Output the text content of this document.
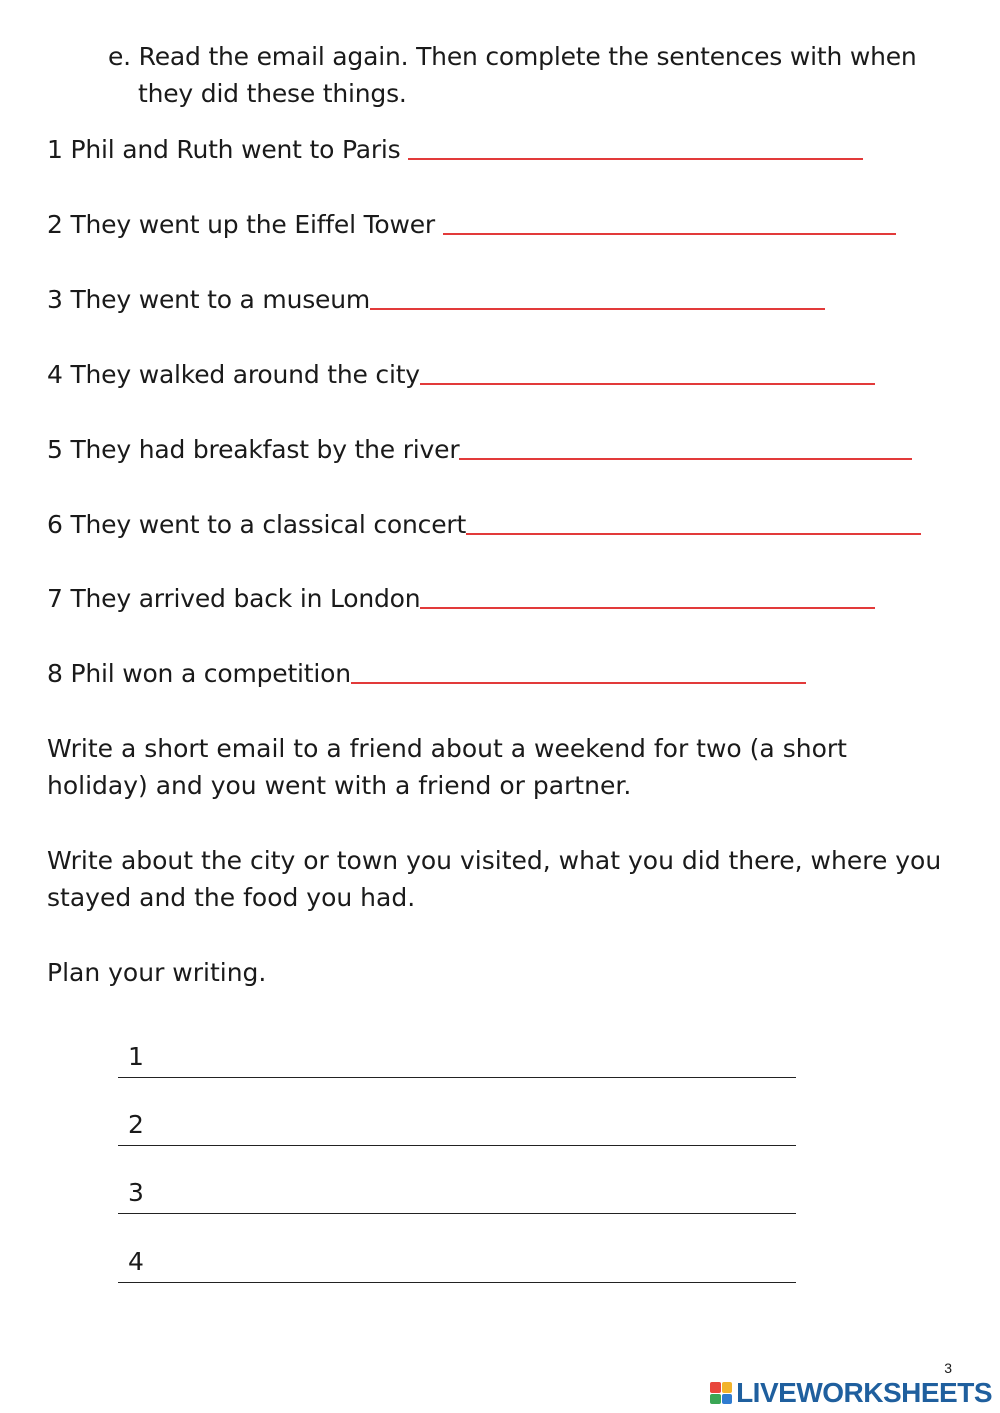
e. Read the email again. Then complete the sentences with when
they did these things.
1 Phil and Ruth went to Paris
2 They went up the Eiffel Tower
3 They went to a museum
4 They walked around the city
5 They had breakfast by the river
6 They went to a classical concert
7 They arrived back in London
8 Phil won a competition
Write a short email to a friend about a weekend for two (a short
holiday) and you went with a friend or partner.
Write about the city or town you visited, what you did there, where you
stayed and the food you had.
Plan your writing.
1
2
3
4
3
LIVEWORKSHEETS
